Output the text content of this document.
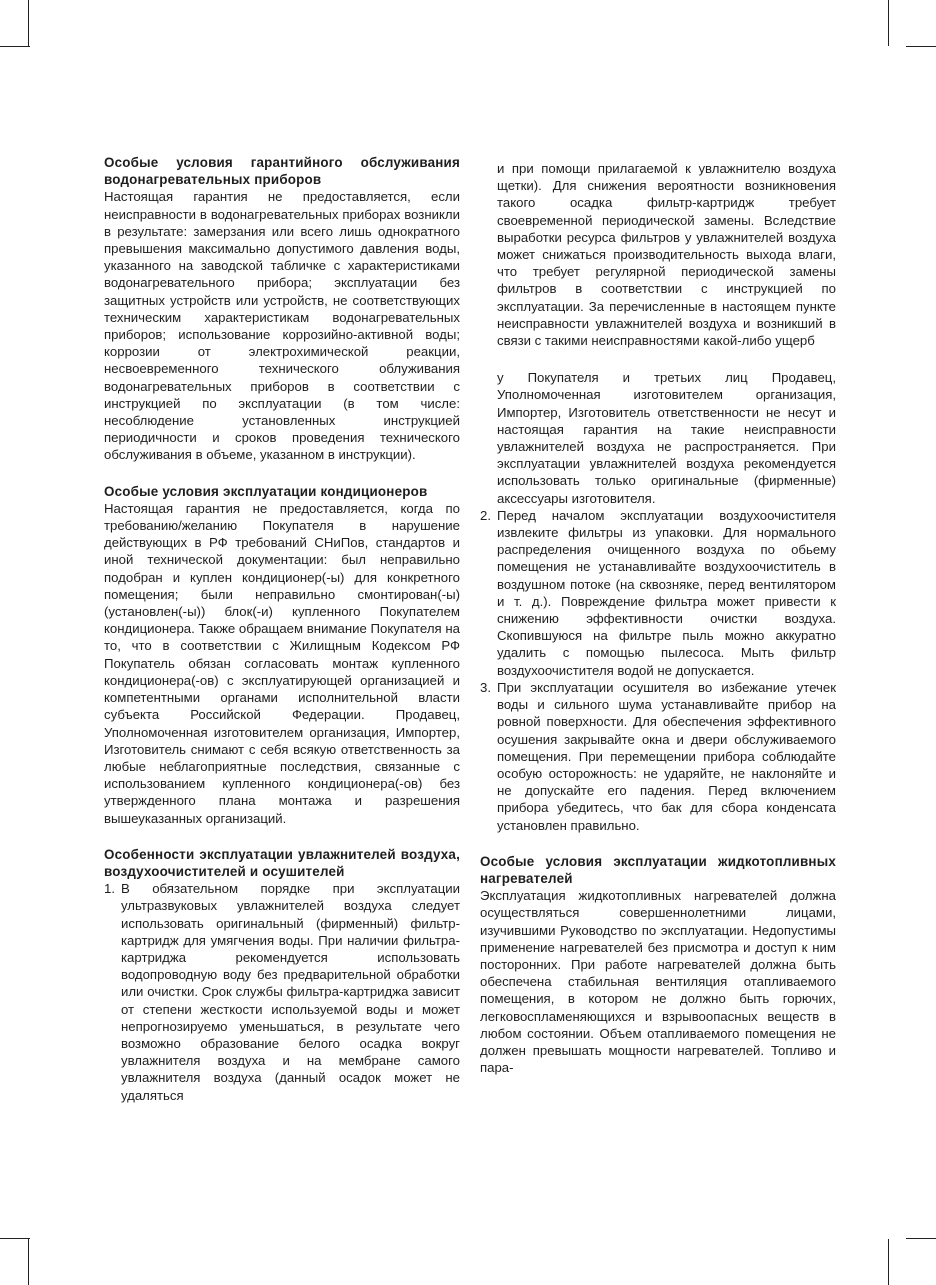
Особые условия гарантийного обслуживания водонагревательных приборов

Настоящая гарантия не предоставляется, если неисправности в водонагревательных приборах возникли в результате: замерзания или всего лишь однократного превышения максимально допустимого давления воды, указанного на заводской табличке с характеристиками водонагревательного прибора; эксплуатации без защитных устройств или устройств, не соответствующих техническим характеристикам водонагревательных приборов; использование коррозийно-активной воды; коррозии от электрохимической реакции, несвоевременного технического облуживания водонагревательных приборов в соответствии с инструкцией по эксплуатации (в том числе: несоблюдение установленных инструкцией периодичности и сроков проведения технического обслуживания в объеме, указанном в инструкции).

Особые условия эксплуатации кондиционеров

Настоящая гарантия не предоставляется, когда по требованию/желанию Покупателя в нарушение действующих в РФ требований СНиПов, стандартов и иной технической документации: был неправильно подобран и куплен кондиционер(-ы) для конкретного помещения; были неправильно смонтирован(-ы) (установлен(-ы)) блок(-и) купленного Покупателем кондиционера. Также обращаем внимание Покупателя на то, что в соответствии с Жилищным Кодексом РФ Покупатель обязан согласовать монтаж купленного кондиционера(-ов) с эксплуатирующей организацией и компетентными органами исполнительной власти субъекта Российской Федерации. Продавец, Уполномоченная изготовителем организация, Импортер, Изготовитель снимают с себя всякую ответственность за любые неблагоприятные последствия, связанные с использованием купленного кондиционера(-ов) без утвержденного плана монтажа и разрешения вышеуказанных организаций.

Особенности эксплуатации увлажнителей воздуха, воздухоочистителей и осушителей
1. В обязательном порядке при эксплуатации ультразвуковых увлажнителей воздуха следует использовать оригинальный (фирменный) фильтр-картридж для умягчения воды. При наличии фильтра-картриджа рекомендуется использовать водопроводную воду без предварительной обработки или очистки. Срок службы фильтра-картриджа зависит от степени жесткости используемой воды и может непрогнозируемо уменьшаться, в результате чего возможно образование белого осадка вокруг увлажнителя воздуха и на мембране самого увлажнителя воздуха (данный осадок может не удаляться

и при помощи прилагаемой к увлажнителю воздуха щетки). Для снижения вероятности возникновения такого осадка фильтр-картридж требует своевременной периодической замены. Вследствие выработки ресурса фильтров у увлажнителей воздуха может снижаться производительность выхода влаги, что требует регулярной периодической замены фильтров в соответствии с инструкцией по эксплуатации. За перечисленные в настоящем пункте неисправности увлажнителей воздуха и возникший в связи с такими неисправностями какой-либо ущерб

у Покупателя и третьих лиц Продавец, Уполномоченная изготовителем организация, Импортер, Изготовитель ответственности не несут и настоящая гарантия на такие неисправности увлажнителей воздуха не распространяется. При эксплуатации увлажнителей воздуха рекомендуется использовать только оригинальные (фирменные) аксессуары изготовителя.

2. Перед началом эксплуатации воздухоочистителя извлеките фильтры из упаковки. Для нормального распределения очищенного воздуха по обьему помещения не устанавливайте воздухоочиститель в воздушном потоке (на сквозняке, перед вентилятором и т. д.). Повреждение фильтра может привести к снижению эффективности очистки воздуха. Скопившуюся на фильтре пыль можно аккуратно удалить с помощью пылесоса. Мыть фильтр воздухоочистителя водой не допускается.
3. При эксплуатации осушителя во избежание утечек воды и сильного шума устанавливайте прибор на ровной поверхности. Для обеспечения эффективного осушения закрывайте окна и двери обслуживаемого помещения. При перемещении прибора соблюдайте особую осторожность: не ударяйте, не наклоняйте и не допускайте его падения. Перед включением прибора убедитесь, что бак для сбора конденсата установлен правильно.
Особые условия эксплуатации жидкотопливных нагревателей

Эксплуатация жидкотопливных нагревателей должна осуществляться совершеннолетними лицами, изучившими Руководство по эксплуатации. Недопустимы применение нагревателей без присмотра и доступ к ним посторонних. При работе нагревателей должна быть обеспечена стабильная вентиляция отапливаемого помещения, в котором не должно быть горючих, легковоспламеняющихся и взрывоопасных веществ в любом состоянии. Объем отапливаемого помещения не должен превышать мощности нагревателей. Топливо и пара-
